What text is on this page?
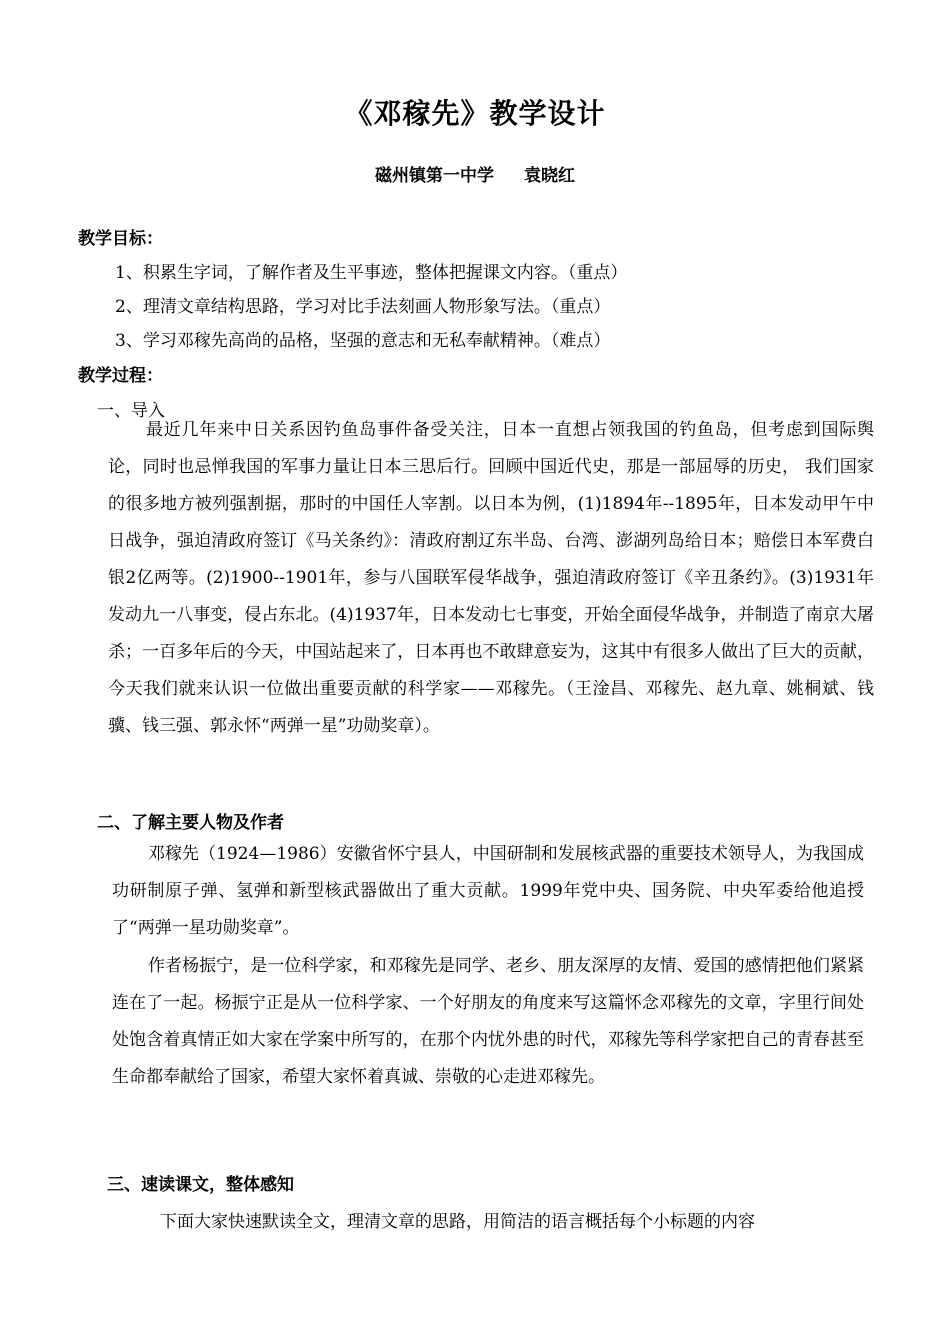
《邓稼先》教学设计
磁州镇第一中学 袁晓红
教学目标：
1、积累生字词，了解作者及生平事迹，整体把握课文内容。（重点）
2、理清文章结构思路，学习对比手法刻画人物形象写法。（重点）
3、学习邓稼先高尚的品格，坚强的意志和无私奉献精神。（难点）
教学过程：
一、导入

最近几年来中日关系因钓鱼岛事件备受关注，日本一直想占领我国的钓鱼岛，但考虑到国际舆论，同时也忌惮我国的军事力量让日本三思后行。回顾中国近代史，那是一部屈辱的历史， 我们国家的很多地方被列强割据，那时的中国任人宰割。以日本为例，(1)1894年--1895年，日本发动甲午中日战争，强迫清政府签订《马关条约》：清政府割辽东半岛、台湾、澎湖列岛给日本；赔偿日本军费白银2亿两等。(2)1900--1901年，参与八国联军侵华战争，强迫清政府签订《辛丑条约》。(3)1931年发动九一八事变，侵占东北。(4)1937年，日本发动七七事变，开始全面侵华战争，并制造了南京大屠杀；一百多年后的今天，中国站起来了，日本再也不敢肆意妄为，这其中有很多人做出了巨大的贡献，今天我们就来认识一位做出重要贡献的科学家——邓稼先。（王淦昌、邓稼先、赵九章、姚桐斌、钱骥、钱三强、郭永怀“两弹一星”功勋奖章）。

二、了解主要人物及作者

邓稼先（1924—1986）安徽省怀宁县人，中国研制和发展核武器的重要技术领导人，为我国成功研制原子弹、氢弹和新型核武器做出了重大贡献。1999年党中央、国务院、中央军委给他追授了“两弹一星功勋奖章”。

作者杨振宁，是一位科学家，和邓稼先是同学、老乡、朋友深厚的友情、爱国的感情把他们紧紧连在了一起。杨振宁正是从一位科学家、一个好朋友的角度来写这篇怀念邓稼先的文章，字里行间处处饱含着真情正如大家在学案中所写的，在那个内忧外患的时代，邓稼先等科学家把自己的青春甚至生命都奉献给了国家，希望大家怀着真诚、崇敬的心走进邓稼先。

三、速读课文，整体感知
下面大家快速默读全文，理清文章的思路，用简洁的语言概括每个小标题的内容
